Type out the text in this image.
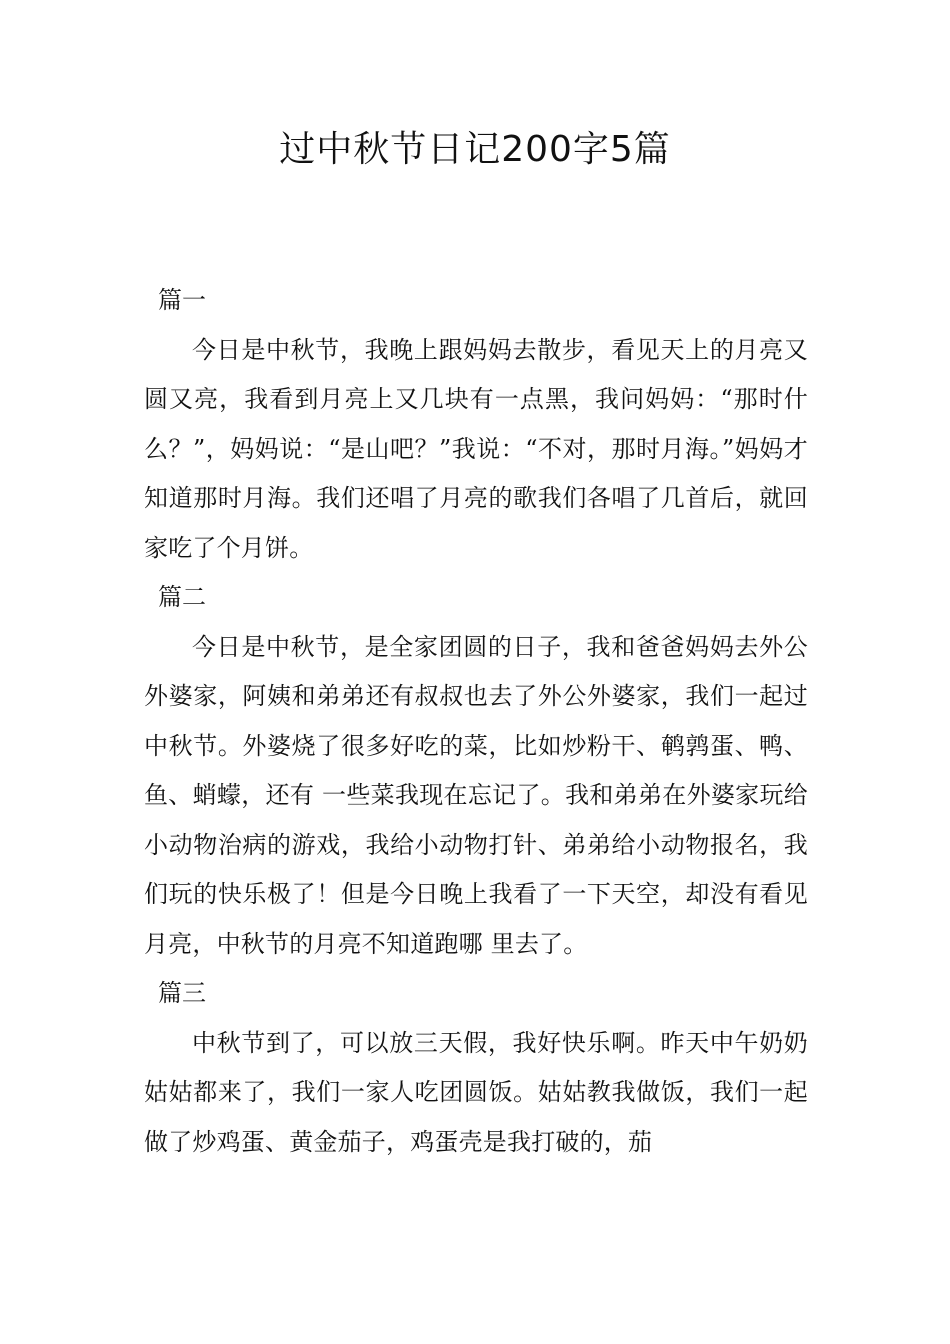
过中秋节日记200字5篇
篇一

今日是中秋节，我晚上跟妈妈去散步，看见天上的月亮又圆又亮，我看到月亮上又几块有一点黑，我问妈妈：“那时什么？”，妈妈说：“是山吧？”我说：“不对，那时月海。”妈妈才知道那时月海。我们还唱了月亮的歌我们各唱了几首后，就回家吃了个月饼。

篇二

今日是中秋节，是全家团圆的日子，我和爸爸妈妈去外公外婆家，阿姨和弟弟还有叔叔也去了外公外婆家，我们一起过中秋节。外婆烧了很多好吃的菜，比如炒粉干、鹌鹑蛋、鸭、鱼、蛸蠓，还有 一些菜我现在忘记了。我和弟弟在外婆家玩给小动物治病的游戏，我给小动物打针、弟弟给小动物报名，我们玩的快乐极了！但是今日晚上我看了一下天空，却没有看见月亮，中秋节的月亮不知道跑哪 里去了。

篇三

中秋节到了，可以放三天假，我好快乐啊。昨天中午奶奶姑姑都来了，我们一家人吃团圆饭。姑姑教我做饭，我们一起做了炒鸡蛋、黄金茄子，鸡蛋壳是我打破的，茄
